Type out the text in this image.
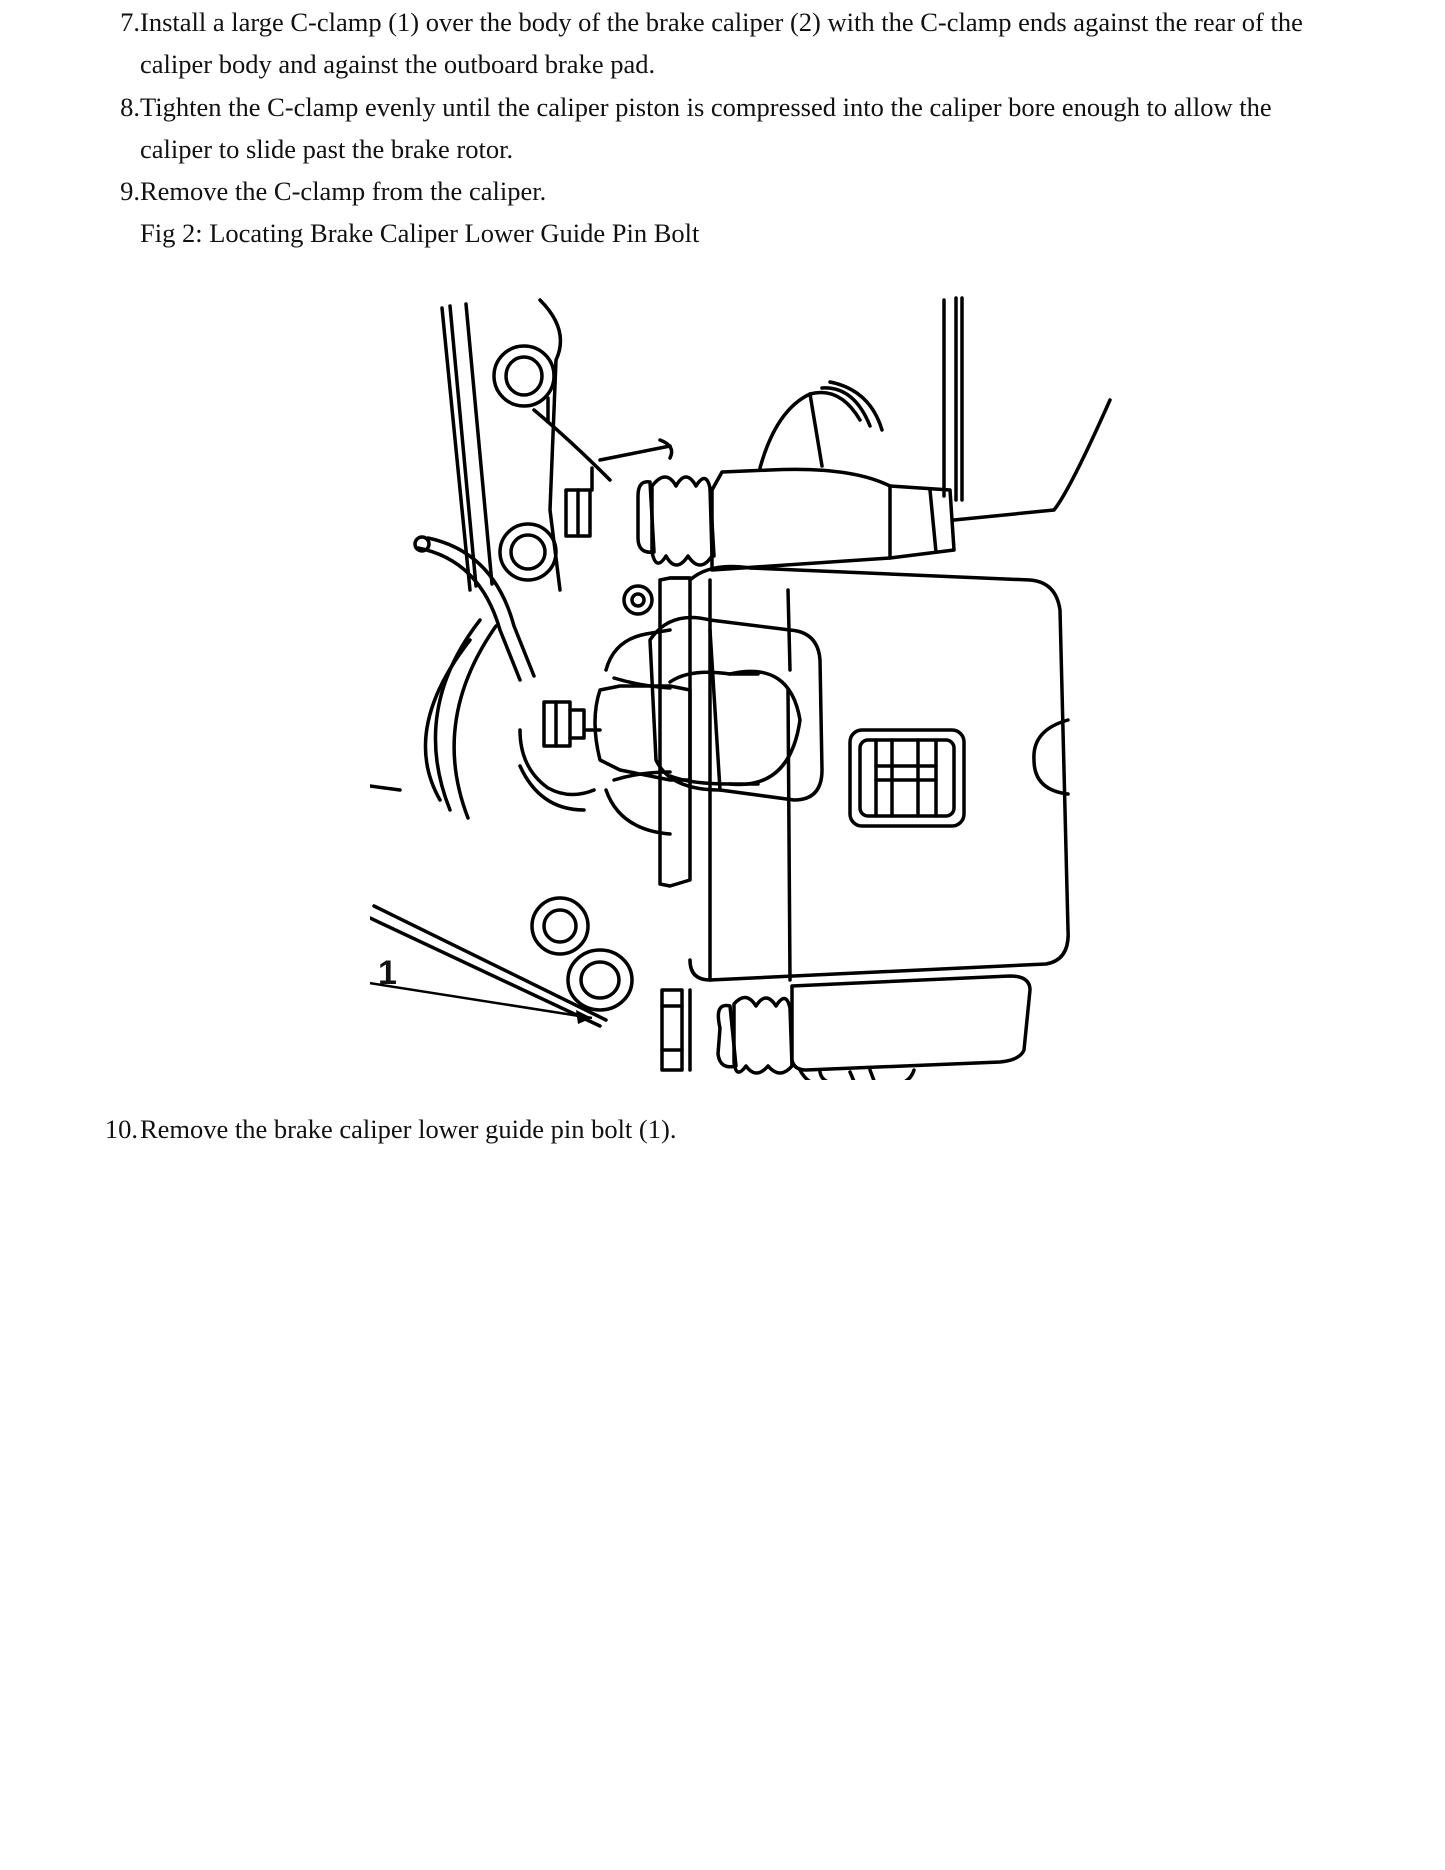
7. Install a large C-clamp (1) over the body of the brake caliper (2) with the C-clamp ends against the rear of the caliper body and against the outboard brake pad.
8. Tighten the C-clamp evenly until the caliper piston is compressed into the caliper bore enough to allow the caliper to slide past the brake rotor.
9. Remove the C-clamp from the caliper.
Fig 2: Locating Brake Caliper Lower Guide Pin Bolt
1
10. Remove the brake caliper lower guide pin bolt (1).
